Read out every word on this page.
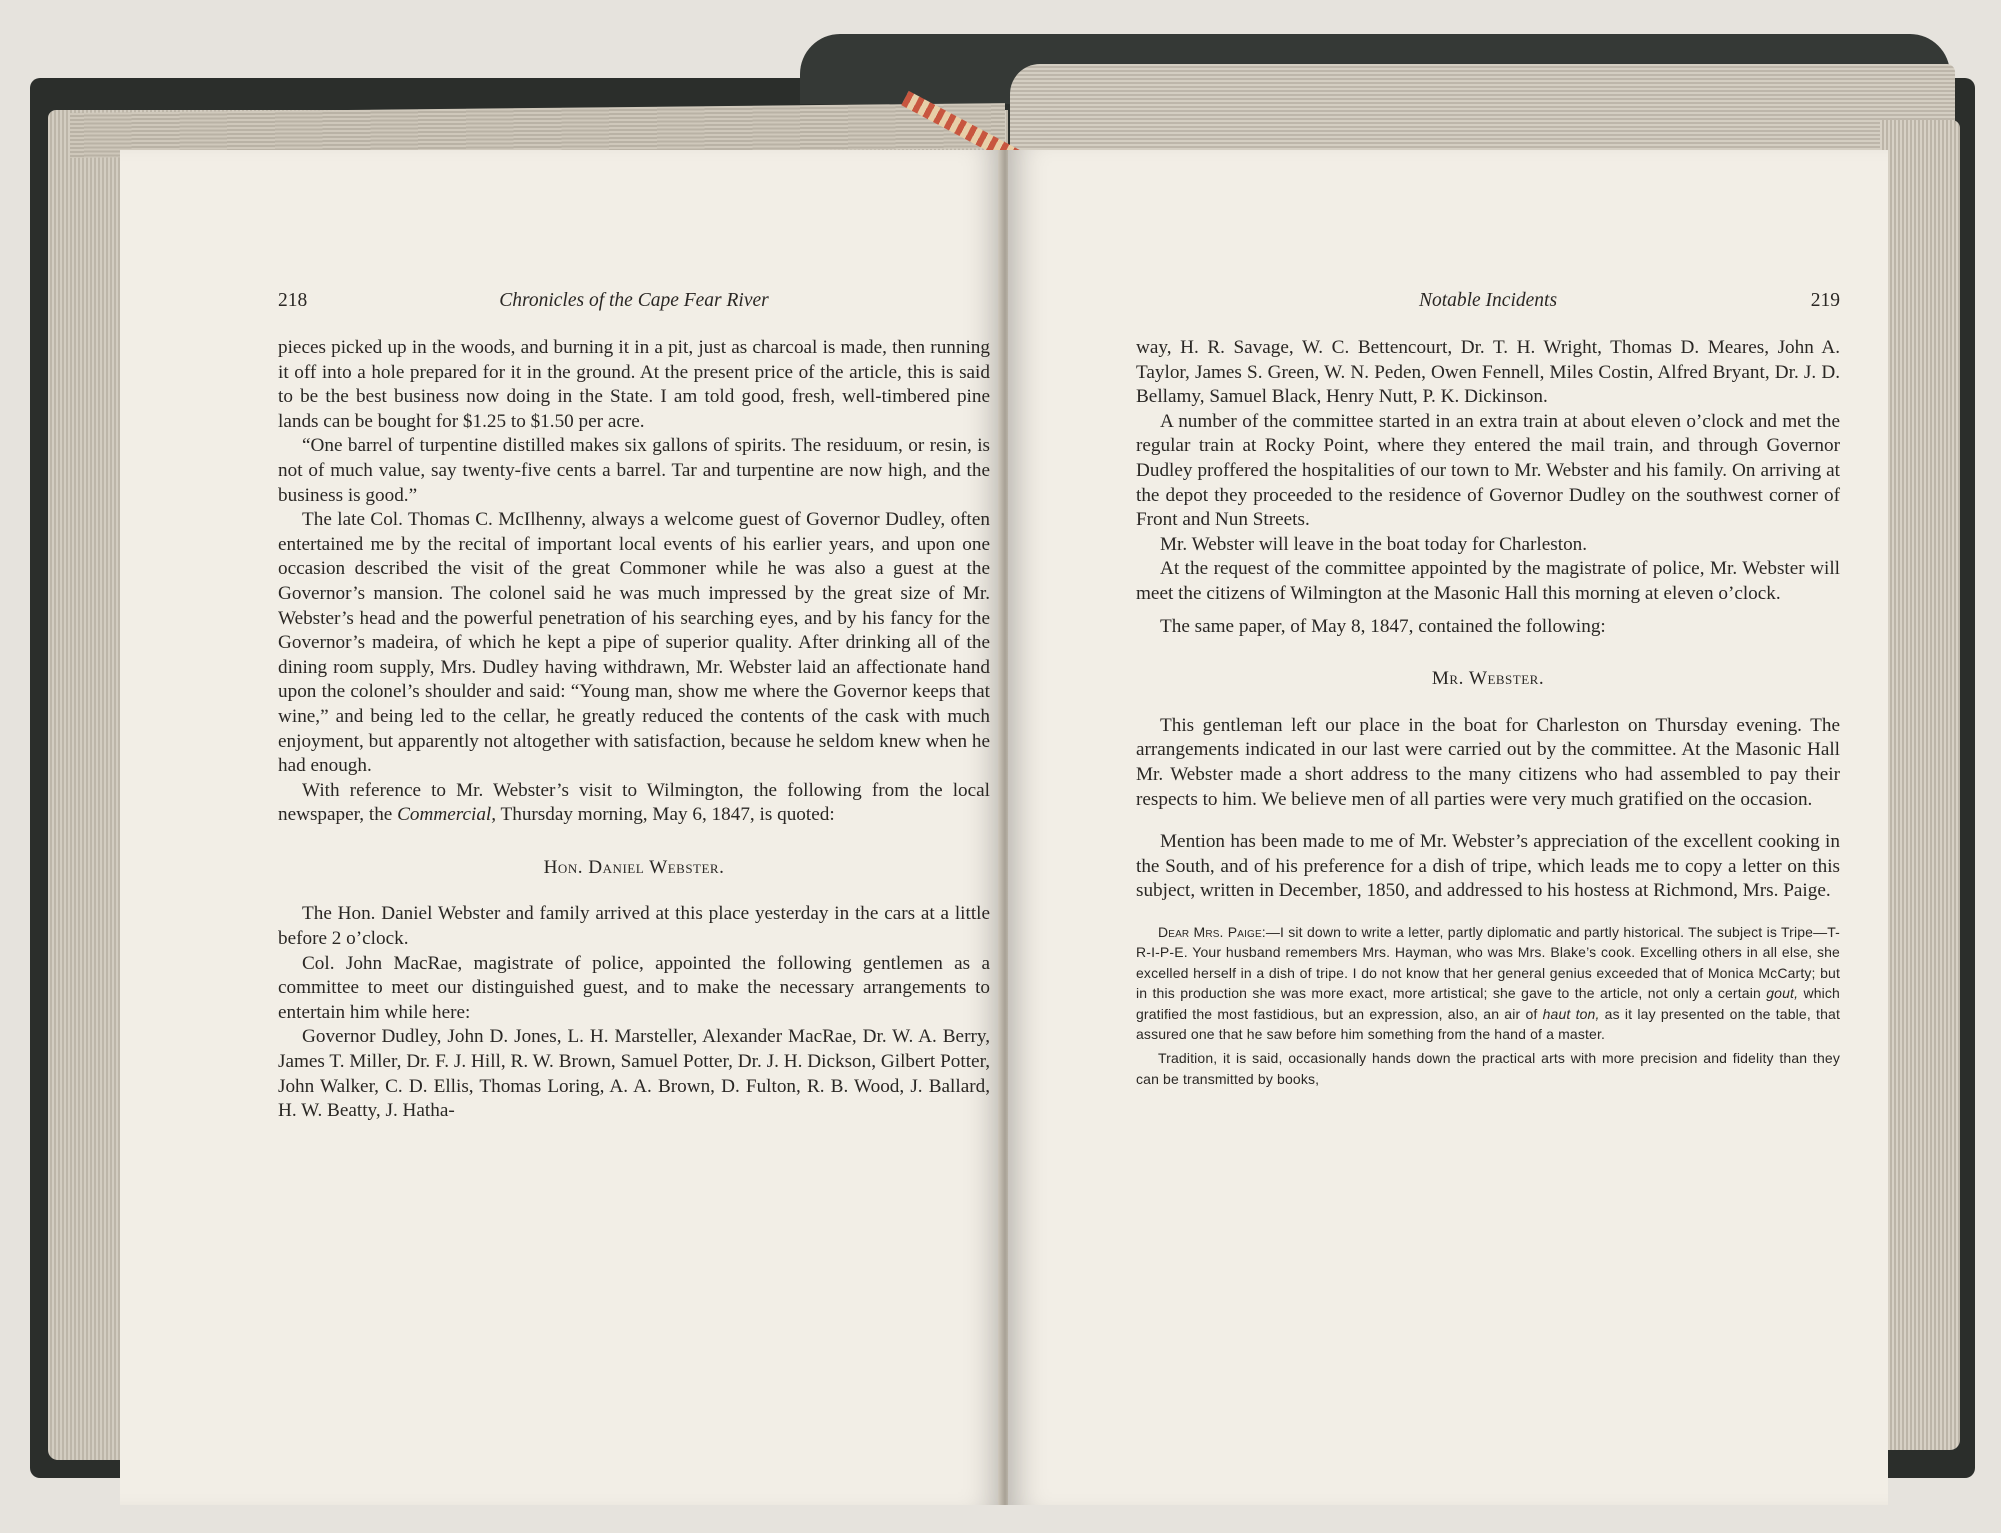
218	Chronicles of the Cape Fear River

pieces picked up in the woods, and burning it in a pit, just as charcoal is made, then running it off into a hole prepared for it in the ground. At the present price of the article, this is said to be the best business now doing in the State. I am told good, fresh, well-timbered pine lands can be bought for $1.25 to $1.50 per acre.

“One barrel of turpentine distilled makes six gallons of spirits. The residuum, or resin, is not of much value, say twenty-five cents a barrel. Tar and turpentine are now high, and the business is good.”

The late Col. Thomas C. McIlhenny, always a welcome guest of Governor Dudley, often entertained me by the recital of important local events of his earlier years, and upon one occasion described the visit of the great Commoner while he was also a guest at the Governor’s mansion. The colonel said he was much impressed by the great size of Mr. Webster’s head and the powerful penetration of his searching eyes, and by his fancy for the Governor’s madeira, of which he kept a pipe of superior quality. After drinking all of the dining room supply, Mrs. Dudley having withdrawn, Mr. Webster laid an affectionate hand upon the colonel’s shoulder and said: “Young man, show me where the Governor keeps that wine,” and being led to the cellar, he greatly reduced the contents of the cask with much enjoyment, but apparently not altogether with satisfaction, because he seldom knew when he had enough.

With reference to Mr. Webster’s visit to Wilmington, the following from the local newspaper, the Commercial, Thursday morning, May 6, 1847, is quoted:

Hon. Daniel Webster.

The Hon. Daniel Webster and family arrived at this place yesterday in the cars at a little before 2 o’clock.

Col. John MacRae, magistrate of police, appointed the following gentlemen as a committee to meet our distinguished guest, and to make the necessary arrangements to entertain him while here:

Governor Dudley, John D. Jones, L. H. Marsteller, Alexander MacRae, Dr. W. A. Berry, James T. Miller, Dr. F. J. Hill, R. W. Brown, Samuel Potter, Dr. J. H. Dickson, Gilbert Potter, John Walker, C. D. Ellis, Thomas Loring, A. A. Brown, D. Fulton, R. B. Wood, J. Ballard, H. W. Beatty, J. Hatha-

Notable Incidents	219

way, H. R. Savage, W. C. Bettencourt, Dr. T. H. Wright, Thomas D. Meares, John A. Taylor, James S. Green, W. N. Peden, Owen Fennell, Miles Costin, Alfred Bryant, Dr. J. D. Bellamy, Samuel Black, Henry Nutt, P. K. Dickinson.

A number of the committee started in an extra train at about eleven o’clock and met the regular train at Rocky Point, where they entered the mail train, and through Governor Dudley proffered the hospitalities of our town to Mr. Webster and his family. On arriving at the depot they proceeded to the residence of Governor Dudley on the southwest corner of Front and Nun Streets.

Mr. Webster will leave in the boat today for Charleston.

At the request of the committee appointed by the magistrate of police, Mr. Webster will meet the citizens of Wilmington at the Masonic Hall this morning at eleven o’clock.

The same paper, of May 8, 1847, contained the following:

Mr. Webster.

This gentleman left our place in the boat for Charleston on Thursday evening. The arrangements indicated in our last were carried out by the committee. At the Masonic Hall Mr. Webster made a short address to the many citizens who had assembled to pay their respects to him. We believe men of all parties were very much gratified on the occasion.

Mention has been made to me of Mr. Webster’s appreciation of the excellent cooking in the South, and of his preference for a dish of tripe, which leads me to copy a letter on this subject, written in December, 1850, and addressed to his hostess at Richmond, Mrs. Paige.

Dear Mrs. Paige:—I sit down to write a letter, partly diplomatic and partly historical. The subject is Tripe—T-R-I-P-E. Your husband remembers Mrs. Hayman, who was Mrs. Blake’s cook. Excelling others in all else, she excelled herself in a dish of tripe. I do not know that her general genius exceeded that of Monica McCarty; but in this production she was more exact, more artistical; she gave to the article, not only a certain gout, which gratified the most fastidious, but an expression, also, an air of haut ton, as it lay presented on the table, that assured one that he saw before him something from the hand of a master.

Tradition, it is said, occasionally hands down the practical arts with more precision and fidelity than they can be transmitted by books,
